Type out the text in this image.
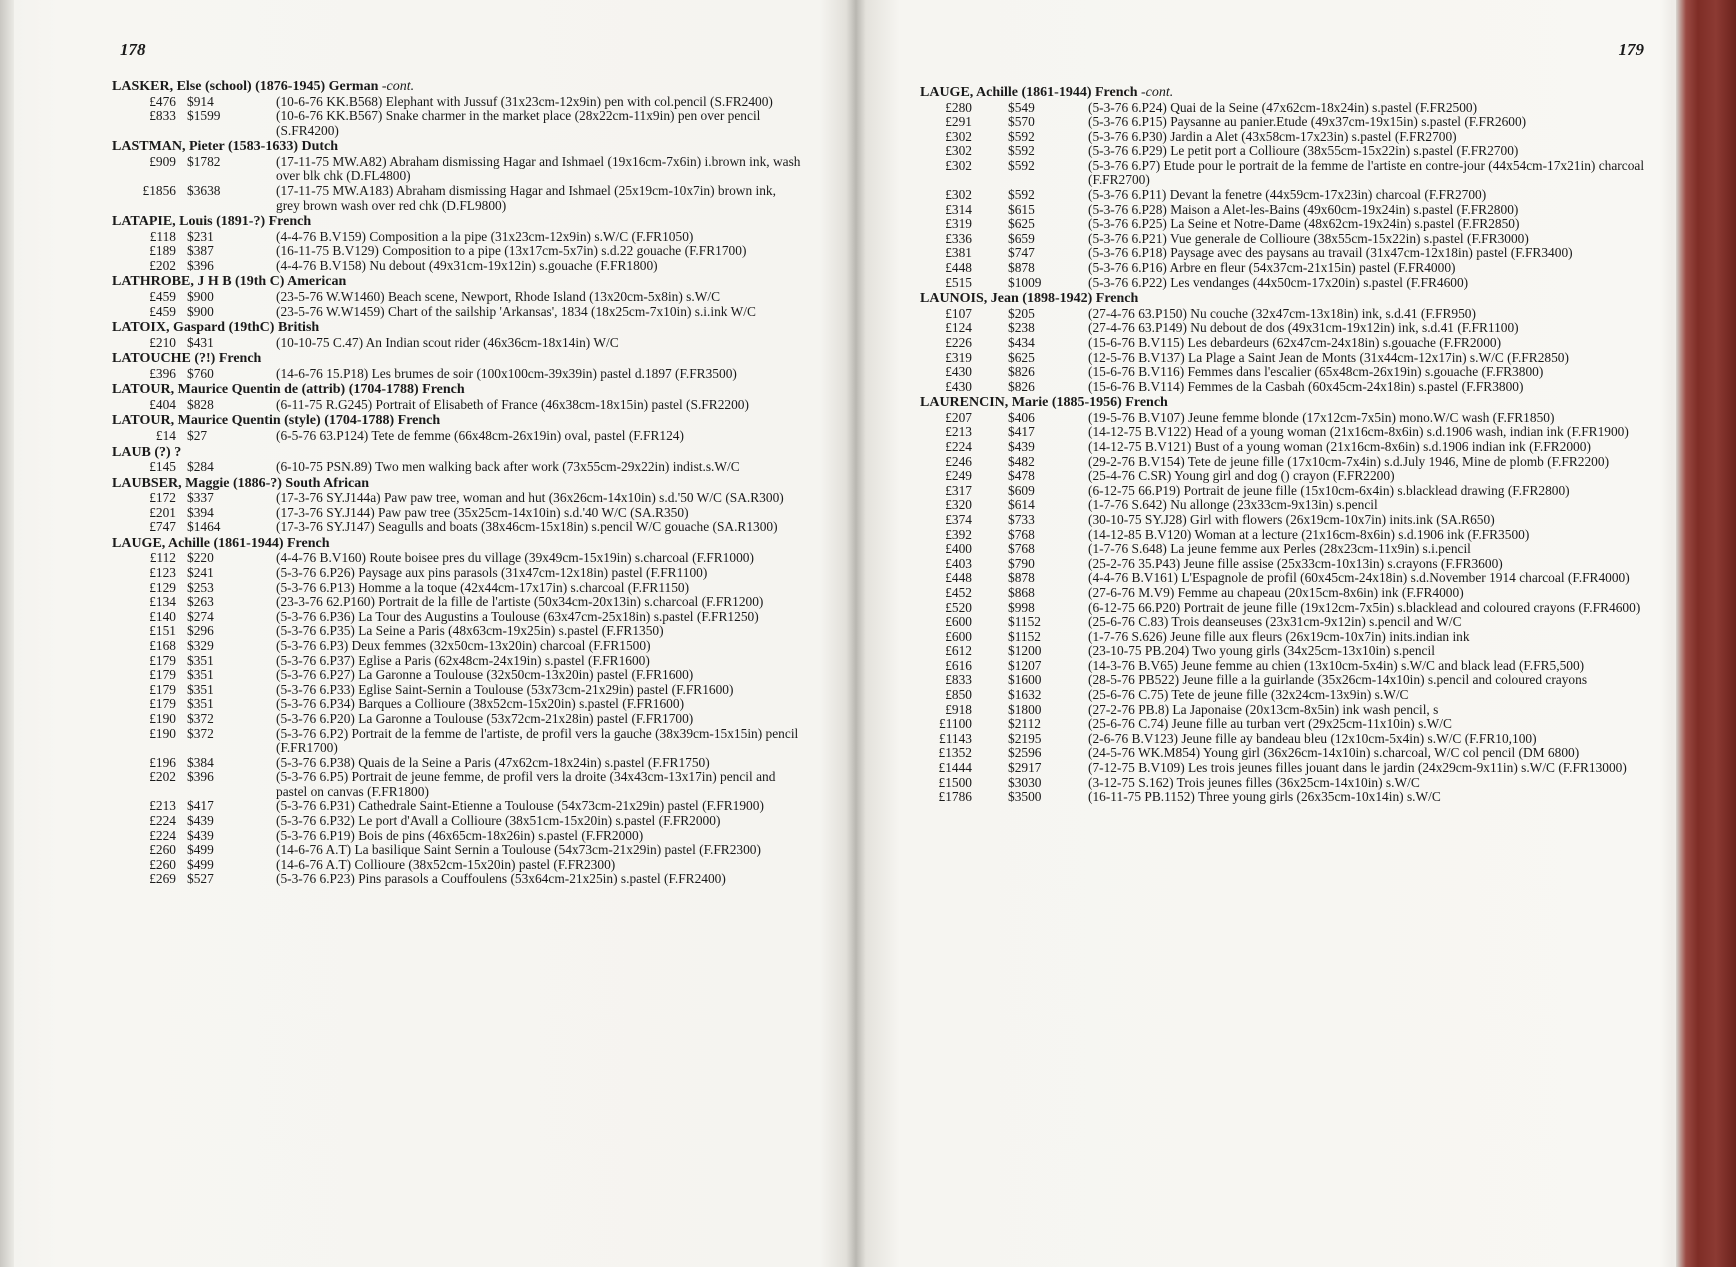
178
LASKER, Else (school) (1876-1945) German -cont.
£476 $914	(10-6-76 KK.B568) Elephant with Jussuf (31x23cm-12x9in) pen with col.pencil (S.FR2400)
£833 $1599	(10-6-76 KK.B567) Snake charmer in the market place (28x22cm-11x9in) pen over pencil (S.FR4200)
LASTMAN, Pieter (1583-1633) Dutch
£909 $1782	(17-11-75 MW.A82) Abraham dismissing Hagar and Ishmael (19x16cm-7x6in) i.brown ink, wash over blk chk (D.FL4800)
£1856 $3638	(17-11-75 MW.A183) Abraham dismissing Hagar and Ishmael (25x19cm-10x7in) brown ink, grey brown wash over red chk (D.FL9800)
LATAPIE, Louis (1891-?) French
£118 $231	(4-4-76 B.V159) Composition a la pipe (31x23cm-12x9in) s.W/C (F.FR1050)
£189 $387	(16-11-75 B.V129) Composition to a pipe (13x17cm-5x7in) s.d.22 gouache (F.FR1700)
£202 $396	(4-4-76 B.V158) Nu debout (49x31cm-19x12in) s.gouache (F.FR1800)
LATHROBE, J H B (19th C) American
£459 $900	(23-5-76 W.W1460) Beach scene, Newport, Rhode Island (13x20cm-5x8in) s.W/C
£459 $900	(23-5-76 W.W1459) Chart of the sailship 'Arkansas', 1834 (18x25cm-7x10in) s.i.ink W/C
LATOIX, Gaspard (19thC) British
£210 $431	(10-10-75 C.47) An Indian scout rider (46x36cm-18x14in) W/C
LATOUCHE (?!) French
£396 $760	(14-6-76 15.P18) Les brumes de soir (100x100cm-39x39in) pastel d.1897 (F.FR3500)
LATOUR, Maurice Quentin de (attrib) (1704-1788) French
£404 $828	(6-11-75 R.G245) Portrait of Elisabeth of France (46x38cm-18x15in) pastel (S.FR2200)
LATOUR, Maurice Quentin (style) (1704-1788) French
£14 $27	(6-5-76 63.P124) Tete de femme (66x48cm-26x19in) oval, pastel (F.FR124)
LAUB (?) ?
£145 $284	(6-10-75 PSN.89) Two men walking back after work (73x55cm-29x22in) indist.s.W/C
LAUBSER, Maggie (1886-?) South African
£172 $337	(17-3-76 SY.J144a) Paw paw tree, woman and hut (36x26cm-14x10in) s.d.'50 W/C (SA.R300)
£201 $394	(17-3-76 SY.J144) Paw paw tree (35x25cm-14x10in) s.d.'40 W/C (SA.R350)
£747 $1464	(17-3-76 SY.J147) Seagulls and boats (38x46cm-15x18in) s.pencil W/C gouache (SA.R1300)
LAUGE, Achille (1861-1944) French
£112 $220	(4-4-76 B.V160) Route boisee pres du village (39x49cm-15x19in) s.charcoal (F.FR1000)
£123 $241	(5-3-76 6.P26) Paysage aux pins parasols (31x47cm-12x18in) pastel (F.FR1100)
£129 $253	(5-3-76 6.P13) Homme a la toque (42x44cm-17x17in) s.charcoal (F.FR1150)
£134 $263	(23-3-76 62.P160) Portrait de la fille de l'artiste (50x34cm-20x13in) s.charcoal (F.FR1200)
£140 $274	(5-3-76 6.P36) La Tour des Augustins a Toulouse (63x47cm-25x18in) s.pastel (F.FR1250)
£151 $296	(5-3-76 6.P35) La Seine a Paris (48x63cm-19x25in) s.pastel (F.FR1350)
£168 $329	(5-3-76 6.P3) Deux femmes (32x50cm-13x20in) charcoal (F.FR1500)
£179 $351	(5-3-76 6.P37) Eglise a Paris (62x48cm-24x19in) s.pastel (F.FR1600)
£179 $351	(5-3-76 6.P27) La Garonne a Toulouse (32x50cm-13x20in) pastel (F.FR1600)
£179 $351	(5-3-76 6.P33) Eglise Saint-Sernin a Toulouse (53x73cm-21x29in) pastel (F.FR1600)
£179 $351	(5-3-76 6.P34) Barques a Collioure (38x52cm-15x20in) s.pastel (F.FR1600)
£190 $372	(5-3-76 6.P20) La Garonne a Toulouse (53x72cm-21x28in) pastel (F.FR1700)
£190 $372	(5-3-76 6.P2) Portrait de la femme de l'artiste, de profil vers la gauche (38x39cm-15x15in) pencil (F.FR1700)
£196 $384	(5-3-76 6.P38) Quais de la Seine a Paris (47x62cm-18x24in) s.pastel (F.FR1750)
£202 $396	(5-3-76 6.P5) Portrait de jeune femme, de profil vers la droite (34x43cm-13x17in) pencil and pastel on canvas (F.FR1800)
£213 $417	(5-3-76 6.P31) Cathedrale Saint-Etienne a Toulouse (54x73cm-21x29in) pastel (F.FR1900)
£224 $439	(5-3-76 6.P32) Le port d'Avall a Collioure (38x51cm-15x20in) s.pastel (F.FR2000)
£224 $439	(5-3-76 6.P19) Bois de pins (46x65cm-18x26in) s.pastel (F.FR2000)
£260 $499	(14-6-76 A.T) La basilique Saint Sernin a Toulouse (54x73cm-21x29in) pastel (F.FR2300)
£260 $499	(14-6-76 A.T) Collioure (38x52cm-15x20in) pastel (F.FR2300)
£269 $527	(5-3-76 6.P23) Pins parasols a Couffoulens (53x64cm-21x25in) s.pastel (F.FR2400)
179
LAUGE, Achille (1861-1944) French -cont.
£280	$549	(5-3-76 6.P24) Quai de la Seine (47x62cm-18x24in) s.pastel (F.FR2500)
£291	$570	(5-3-76 6.P15) Paysanne au panier.Etude (49x37cm-19x15in) s.pastel (F.FR2600)
£302	$592	(5-3-76 6.P30) Jardin a Alet (43x58cm-17x23in) s.pastel (F.FR2700)
£302	$592	(5-3-76 6.P29) Le petit port a Collioure (38x55cm-15x22in) s.pastel (F.FR2700)
£302	$592	(5-3-76 6.P7) Etude pour le portrait de la femme de l'artiste en contre-jour (44x54cm-17x21in) charcoal (F.FR2700)
£302	$592	(5-3-76 6.P11) Devant la fenetre (44x59cm-17x23in) charcoal (F.FR2700)
£314	$615	(5-3-76 6.P28) Maison a Alet-les-Bains (49x60cm-19x24in) s.pastel (F.FR2800)
£319	$625	(5-3-76 6.P25) La Seine et Notre-Dame (48x62cm-19x24in) s.pastel (F.FR2850)
£336	$659	(5-3-76 6.P21) Vue generale de Collioure (38x55cm-15x22in) s.pastel (F.FR3000)
£381	$747	(5-3-76 6.P18) Paysage avec des paysans au travail (31x47cm-12x18in) pastel (F.FR3400)
£448	$878	(5-3-76 6.P16) Arbre en fleur (54x37cm-21x15in) pastel (F.FR4000)
£515	$1009	(5-3-76 6.P22) Les vendanges (44x50cm-17x20in) s.pastel (F.FR4600)
LAUNOIS, Jean (1898-1942) French
£107	$205	(27-4-76 63.P150) Nu couche (32x47cm-13x18in) ink, s.d.41 (F.FR950)
£124	$238	(27-4-76 63.P149) Nu debout de dos (49x31cm-19x12in) ink, s.d.41 (F.FR1100)
£226	$434	(15-6-76 B.V115) Les debardeurs (62x47cm-24x18in) s.gouache (F.FR2000)
£319	$625	(12-5-76 B.V137) La Plage a Saint Jean de Monts (31x44cm-12x17in) s.W/C (F.FR2850)
£430	$826	(15-6-76 B.V116) Femmes dans l'escalier (65x48cm-26x19in) s.gouache (F.FR3800)
£430	$826	(15-6-76 B.V114) Femmes de la Casbah (60x45cm-24x18in) s.pastel (F.FR3800)
LAURENCIN, Marie (1885-1956) French
£207	$406	(19-5-76 B.V107) Jeune femme blonde (17x12cm-7x5in) mono.W/C wash (F.FR1850)
£213	$417	(14-12-75 B.V122) Head of a young woman (21x16cm-8x6in) s.d.1906 wash, indian ink (F.FR1900)
£224	$439	(14-12-75 B.V121) Bust of a young woman (21x16cm-8x6in) s.d.1906 indian ink (F.FR2000)
£246	$482	(29-2-76 B.V154) Tete de jeune fille (17x10cm-7x4in) s.d.July 1946, Mine de plomb (F.FR2200)
£249	$478	(25-4-76 C.SR) Young girl and dog () crayon (F.FR2200)
£317	$609	(6-12-75 66.P19) Portrait de jeune fille (15x10cm-6x4in) s.blacklead drawing (F.FR2800)
£320	$614	(1-7-76 S.642) Nu allonge (23x33cm-9x13in) s.pencil
£374	$733	(30-10-75 SY.J28) Girl with flowers (26x19cm-10x7in) inits.ink (SA.R650)
£392	$768	(14-12-85 B.V120) Woman at a lecture (21x16cm-8x6in) s.d.1906 ink (F.FR3500)
£400	$768	(1-7-76 S.648) La jeune femme aux Perles (28x23cm-11x9in) s.i.pencil
£403	$790	(25-2-76 35.P43) Jeune fille assise (25x33cm-10x13in) s.crayons (F.FR3600)
£448	$878	(4-4-76 B.V161) L'Espagnole de profil (60x45cm-24x18in) s.d.November 1914 charcoal (F.FR4000)
£452	$868	(27-6-76 M.V9) Femme au chapeau (20x15cm-8x6in) ink (F.FR4000)
£520	$998	(6-12-75 66.P20) Portrait de jeune fille (19x12cm-7x5in) s.blacklead and coloured crayons (F.FR4600)
£600	$1152	(25-6-76 C.83) Trois deanseuses (23x31cm-9x12in) s.pencil and W/C
£600	$1152	(1-7-76 S.626) Jeune fille aux fleurs (26x19cm-10x7in) inits.indian ink
£612	$1200	(23-10-75 PB.204) Two young girls (34x25cm-13x10in) s.pencil
£616	$1207	(14-3-76 B.V65) Jeune femme au chien (13x10cm-5x4in) s.W/C and black lead (F.FR5,500)
£833	$1600	(28-5-76 PB522) Jeune fille a la guirlande (35x26cm-14x10in) s.pencil and coloured crayons
£850	$1632	(25-6-76 C.75) Tete de jeune fille (32x24cm-13x9in) s.W/C
£918	$1800	(27-2-76 PB.8) La Japonaise (20x13cm-8x5in) ink wash pencil, s
£1100	$2112	(25-6-76 C.74) Jeune fille au turban vert (29x25cm-11x10in) s.W/C
£1143	$2195	(2-6-76 B.V123) Jeune fille ay bandeau bleu (12x10cm-5x4in) s.W/C (F.FR10,100)
£1352	$2596	(24-5-76 WK.M854) Young girl (36x26cm-14x10in) s.charcoal, W/C col pencil (DM 6800)
£1444	$2917	(7-12-75 B.V109) Les trois jeunes filles jouant dans le jardin (24x29cm-9x11in) s.W/C (F.FR13000)
£1500	$3030	(3-12-75 S.162) Trois jeunes filles (36x25cm-14x10in) s.W/C
£1786	$3500	(16-11-75 PB.1152) Three young girls (26x35cm-10x14in) s.W/C
